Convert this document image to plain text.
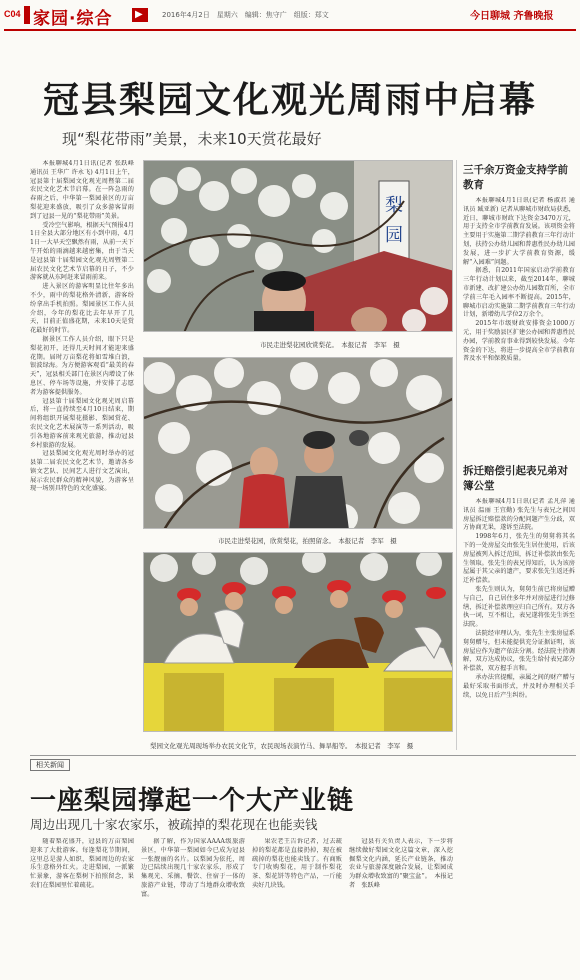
C04 家园·综合 ▶	2016年4月2日　星期六　编辑：焦守广　组版：郑文	今日聊城 齐鲁晚报
冠县梨园文化观光周雨中启幕
现“梨花带雨”美景，未来10天赏花最好

本报聊城4月1日讯(记者 张跃峰 通讯员 王华广 许永飞) 4月1日上午，冠县第十届梨园文化观光周暨第二届农民文化艺术节启幕。在一阵急雨的春雨之后，中华第一梨园景区的万亩梨花迎来盛放，吸引了众多游客冒雨到了冠县一见的“梨花带雨”美景。

受冷空气影响，根据天气预报4月1日全县大部分地区有小到中雨，4月1日一大早天空飘然有雨，从前一天下午开始的雨滴越来越密集，由于当天是冠县第十届梨园文化观光周暨第二届农民文化艺术节启幕的日子，不少游客就从东阿赶来冒雨前来。

进入景区的游客明显比往年多出不少，雨中的梨花格外清新，游客纷纷拿出手机拍照。梨园景区工作人员介绍，今年的梨花比去年早开了几天，目前正值盛花期，未来10天是赏花最好的时节。

据景区工作人员介绍，眼下只是梨花初开，还得几天时间才能迎来盛花期。届时万亩梨花将如雪堆白浪，银波绿海。为方便游客观看“最美的春天”，冠县相关部门在景区内增设了休息区、停车场等设施，并安排了志愿者为游客提供服务。

冠县第十届梨园文化观光周启幕后，将一直持续至4月10日结束，期间将组织开展梨花摄影、梨园赏花、农民文化艺术展演等一系列活动，吸引各地游客前来观光旅游，推动冠县乡村旅游的发展。

冠县梨园文化观光周时举办的冠县第二届农民文化艺术节，邀请各乡镇文艺队、民间艺人进行文艺演出，展示农民群众的精神风貌，为游客呈现一场别具特色的文化盛宴。

梨
园
市民走进梨花园欣赏梨花。　本报记者　李军　摄
市民走进梨花园，欣赏梨花，拍照留念。　本报记者　李军　摄
梨园文化观光周现场举办农民文化节，农民现场表演竹马、舞旱船等。　本报记者　李军　摄
三千余万资金支持学前教育

本报聊城4月1日讯(记者 杨淑君 通讯员 臧亚新) 记者从聊城市财政局获悉，近日，聊城市财政下达资金3470万元，用于支持全市学前教育发展。该项资金将主要用于实施第二期学前教育三年行动计划，扶持公办幼儿园和普惠性民办幼儿园发展，进一步扩大学前教育资源，缓解“入园难”问题。

据悉，自2011年国家启动学前教育三年行动计划以来，截至2014年，聊城市新建、改扩建公办幼儿园数百所，全市学前三年毛入园率不断提高。2015年，聊城市启动实施第二期学前教育三年行动计划，新增幼儿学位2万余个。

2015年市级财政安排资金1000万元，用于奖励县区扩建公办园和普惠性民办园，学前教育事业得到较快发展。今年资金的下达，将进一步提高全市学前教育普及水平和保教质量。

拆迁赔偿引起表兄弟对簿公堂

本报聊城4月1日讯(记者 孟凡萍 通讯员 温丽 王宜勤) 张先生与表兄之间因房屋拆迁赔偿款的分配问题产生分歧，双方协商无果，遂诉至法院。

1998年6月，张先生的舅舅将其名下的一处房屋交由张先生居住使用，后该房屋被列入拆迁范围，拆迁补偿款由张先生领取。张先生的表兄得知后，认为该房屋属于其父亲的遗产，要求张先生返还拆迁补偿款。

张先生则认为，舅舅生前已将房屋赠与自己，自己居住多年并对房屋进行过修缮，拆迁补偿款理应归自己所有。双方各执一词，互不相让，表兄遂将张先生诉至法院。

法院经审理认为，张先生主张房屋系舅舅赠与，但未能提供充分证据证明，该房屋应作为遗产依法分割。经法院主持调解，双方达成协议，张先生给付表兄部分补偿款，双方握手言和。

承办法官提醒，亲属之间的财产赠与最好采取书面形式，并及时办理相关手续，以免日后产生纠纷。

相关新闻
一座梨园撑起一个大产业链
周边出现几十家农家乐，被疏掉的梨花现在也能卖钱

随着梨花盛开，冠县的万亩梨园迎来了大批游客。每逢梨花节期间，这里总是游人如织，梨园周边的农家乐生意格外红火。走进梨园，一派繁忙景象，游客在梨树下拍照留念，果农们在梨园里忙着疏花。

据了解，作为国家AAAA级旅游景区，中华第一梨园如今已成为冠县一张靓丽的名片。以梨园为依托，周边已陆续出现几十家农家乐，形成了集观光、采摘、餐饮、住宿于一体的旅游产业链，带动了当地群众增收致富。

果农老王告诉记者，过去疏掉的梨花都是直接扔掉，现在被疏掉的梨花也能卖钱了。有商贩专门收购梨花，用于制作梨花茶、梨花饼等特色产品，一斤能卖好几块钱。

冠县有关负责人表示，下一步将继续做好梨园文化这篇文章，深入挖掘梨文化内涵，延长产业链条，推动农业与旅游深度融合发展，让梨园成为群众增收致富的“聚宝盆”。　本报记者　张跃峰
